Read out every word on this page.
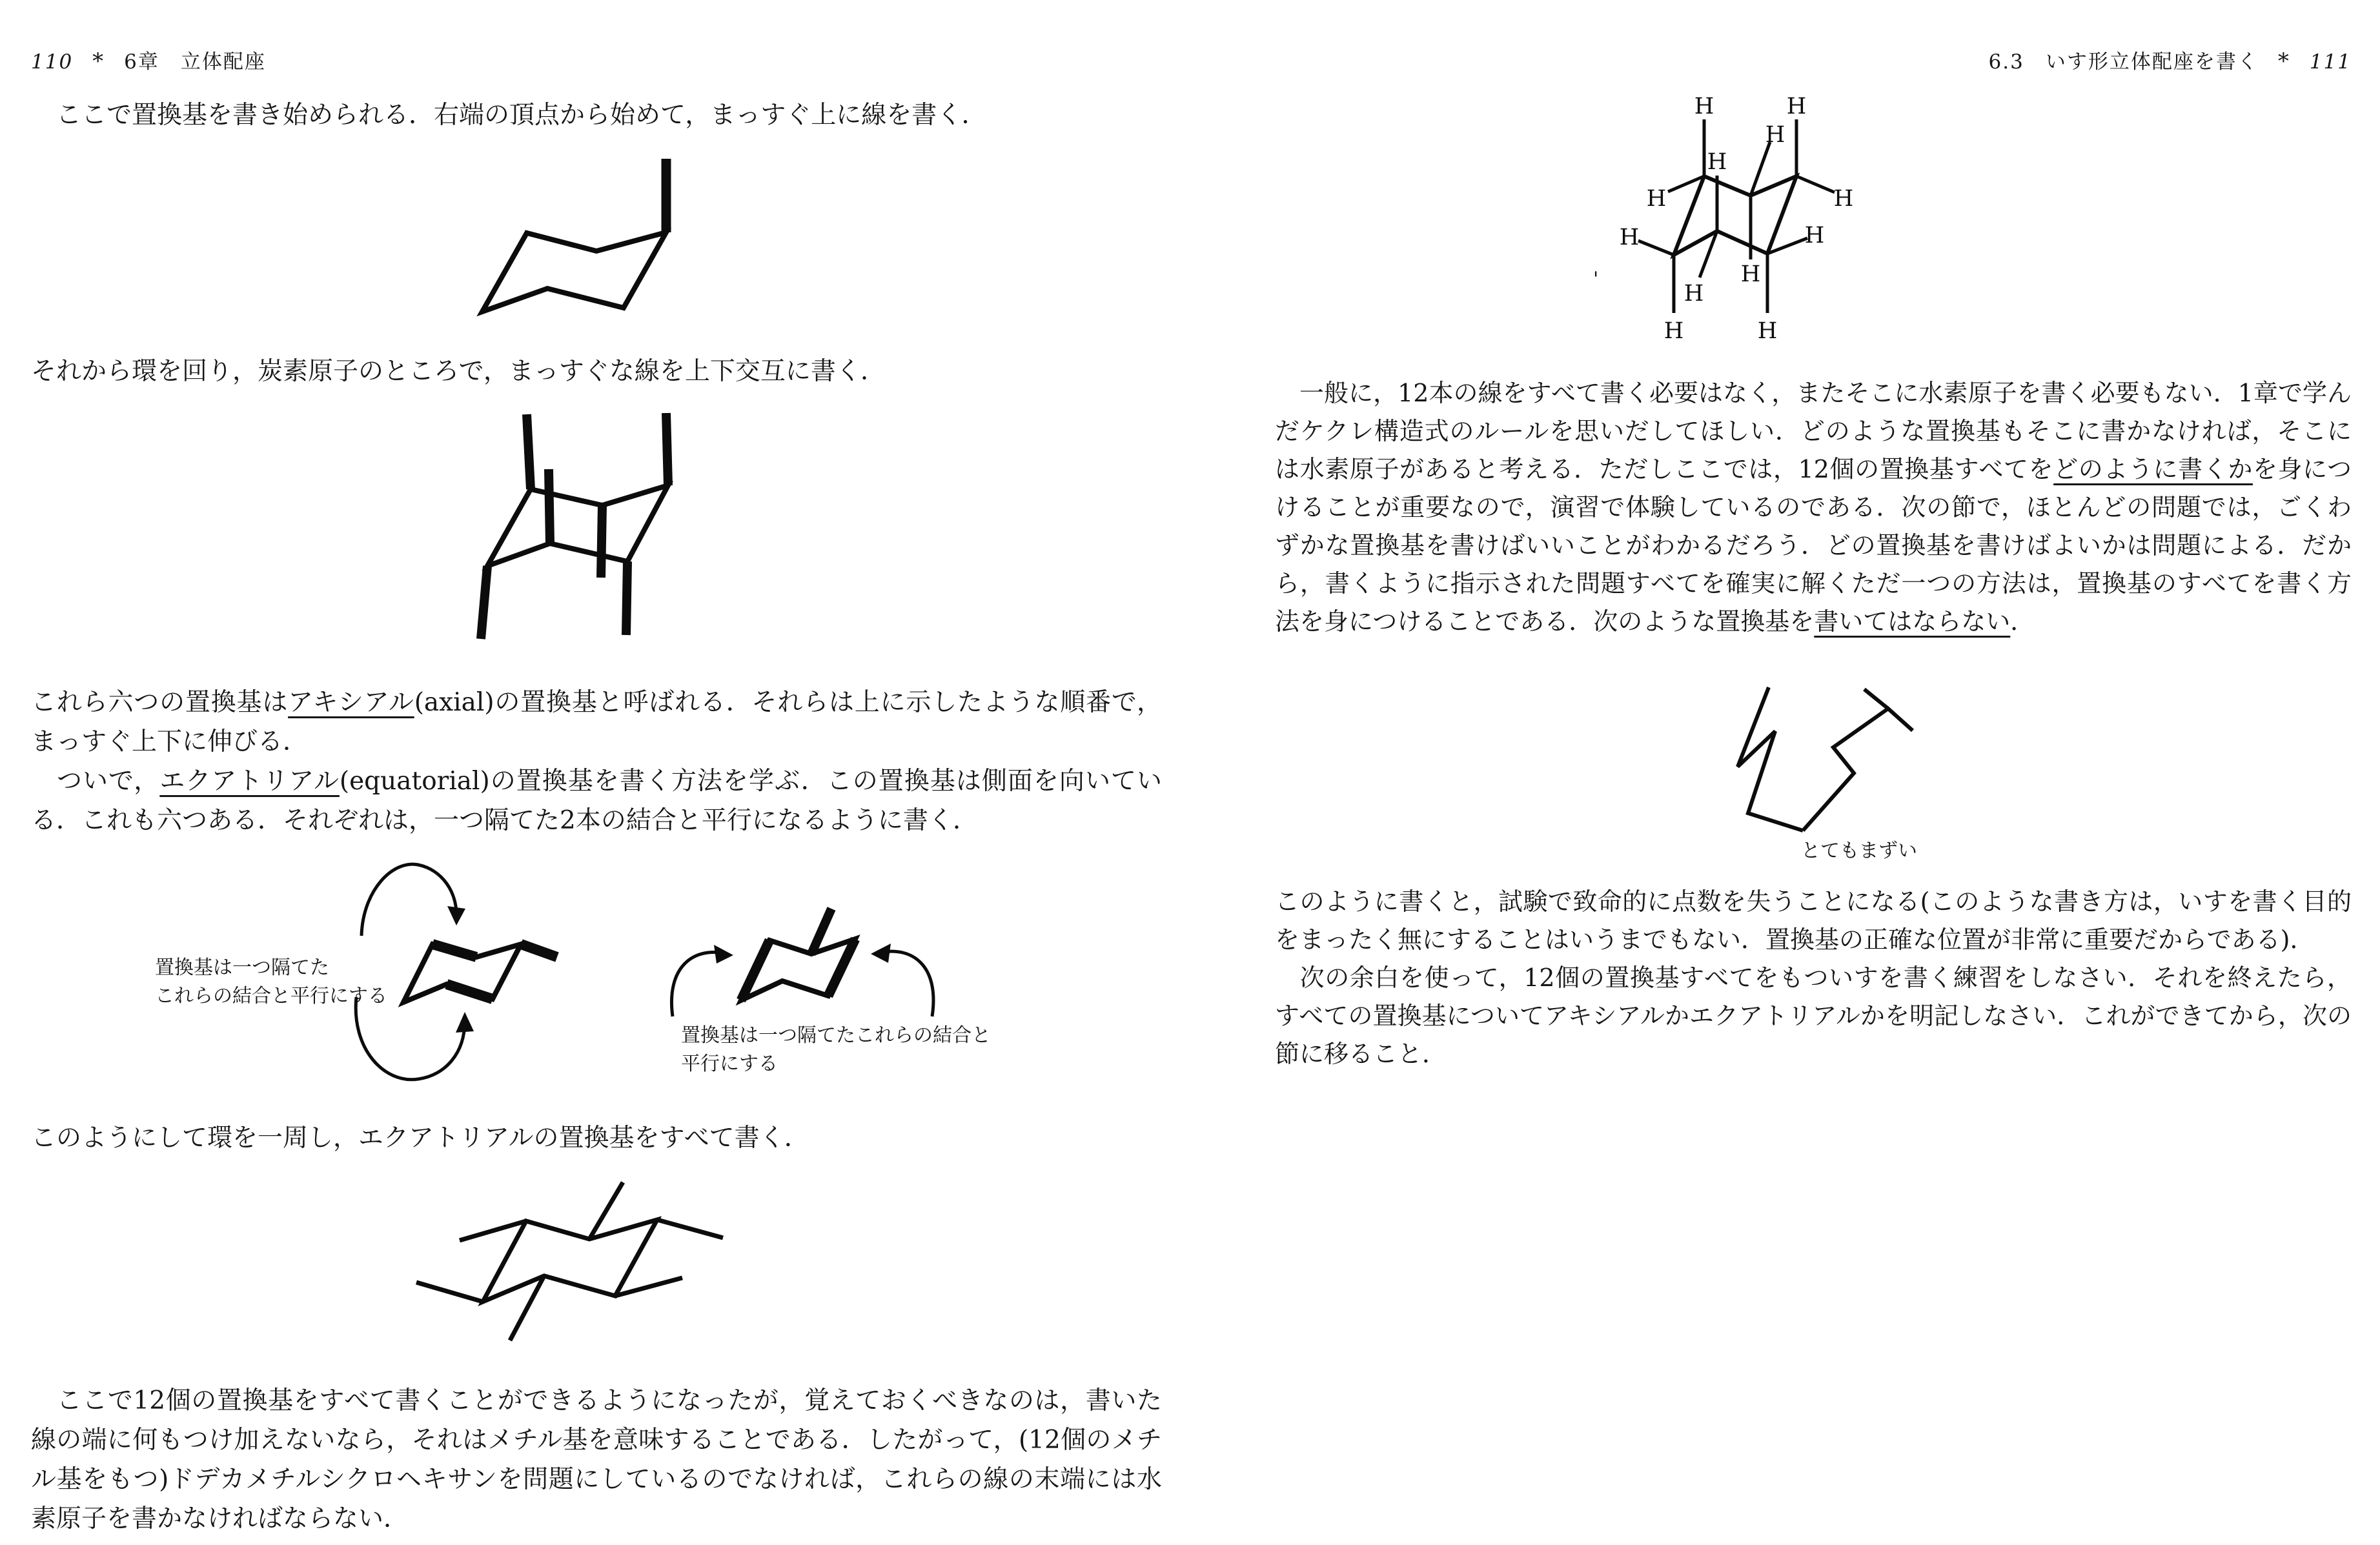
110 * 6章　立体配座

　ここで置換基を書き始められる．右端の頂点から始めて，まっすぐ上に線を書く．

それから環を回り，炭素原子のところで，まっすぐな線を上下交互に書く．

これら六つの置換基はアキシアル(axial)の置換基と呼ばれる．それらは上に示したような順番で，まっすぐ上下に伸びる．

　ついで，エクアトリアル(equatorial)の置換基を書く方法を学ぶ．この置換基は側面を向いている．これも六つある．それぞれは，一つ隔てた2本の結合と平行になるように書く．

置換基は一つ隔てた
これらの結合と平行にする
置換基は一つ隔てたこれらの結合と
平行にする

このようにして環を一周し，エクアトリアルの置換基をすべて書く．

　ここで12個の置換基をすべて書くことができるようになったが，覚えておくべきなのは，書いた線の端に何もつけ加えないなら，それはメチル基を意味することである．したがって，(12個のメチル基をもつ)ドデカメチルシクロヘキサンを問題にしているのでなければ，これらの線の末端には水素原子を書かなければならない．

6.3　いす形立体配座を書く * 111
H	H
H
H
H	H
H
H
H
H
H
H
'

　一般に，12本の線をすべて書く必要はなく，またそこに水素原子を書く必要もない．1章で学んだケクレ構造式のルールを思いだしてほしい．どのような置換基もそこに書かなければ，そこには水素原子があると考える．ただしここでは，12個の置換基すべてをどのように書くかを身につけることが重要なので，演習で体験しているのである．次の節で，ほとんどの問題では，ごくわずかな置換基を書けばいいことがわかるだろう．どの置換基を書けばよいかは問題による．だから，書くように指示された問題すべてを確実に解くただ一つの方法は，置換基のすべてを書く方法を身につけることである．次のような置換基を書いてはならない．

とてもまずい

このように書くと，試験で致命的に点数を失うことになる(このような書き方は，いすを書く目的をまったく無にすることはいうまでもない．置換基の正確な位置が非常に重要だからである)．

　次の余白を使って，12個の置換基すべてをもついすを書く練習をしなさい．それを終えたら，すべての置換基についてアキシアルかエクアトリアルかを明記しなさい．これができてから，次の節に移ること．
